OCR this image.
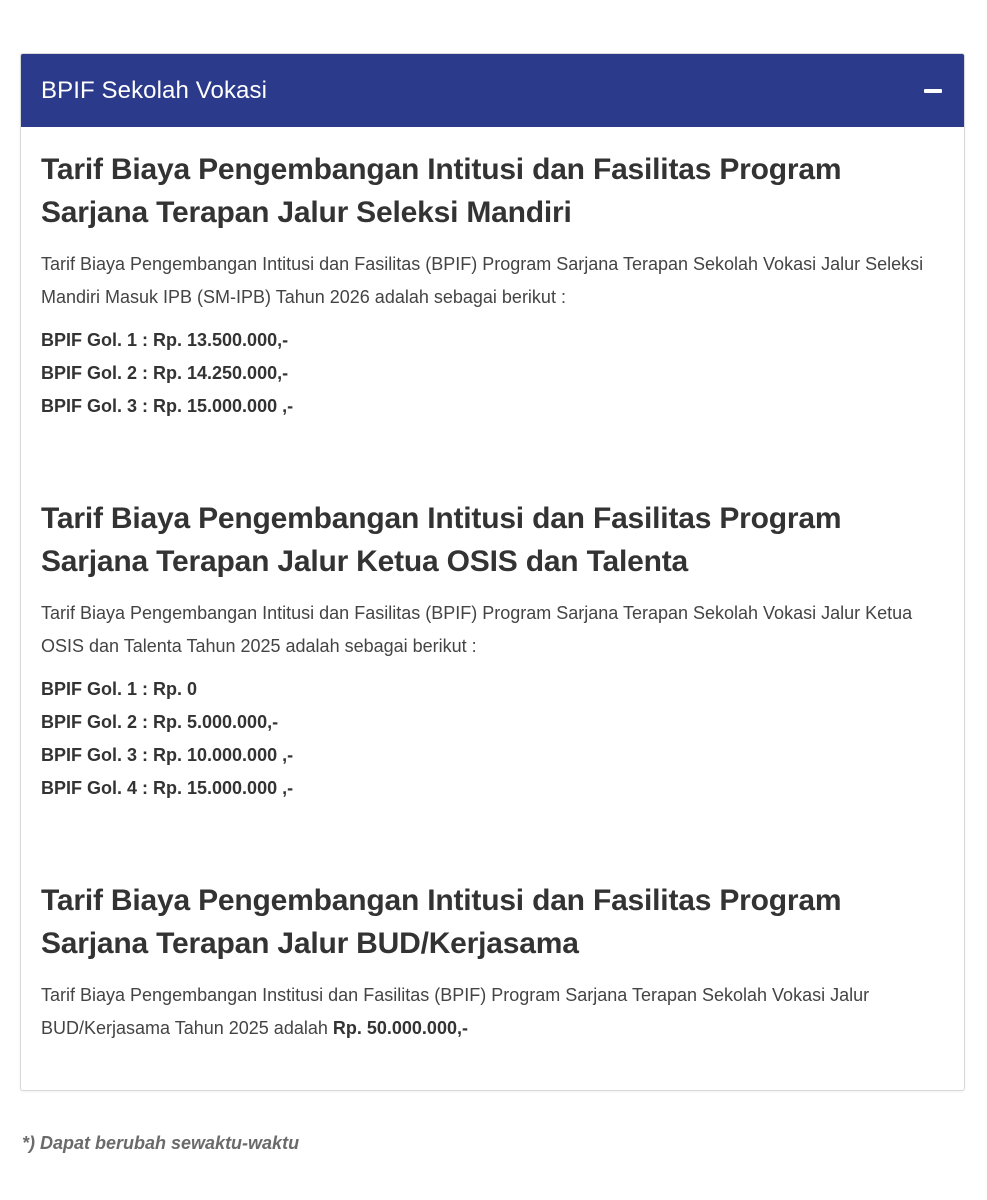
BPIF Sekolah Vokasi
Tarif Biaya Pengembangan Intitusi dan Fasilitas Program Sarjana Terapan Jalur Seleksi Mandiri

Tarif Biaya Pengembangan Intitusi dan Fasilitas (BPIF) Program Sarjana Terapan Sekolah Vokasi Jalur Seleksi Mandiri Masuk IPB (SM-IPB) Tahun 2026 adalah sebagai berikut :

BPIF Gol. 1 : Rp. 13.500.000,-
BPIF Gol. 2 : Rp. 14.250.000,-
BPIF Gol. 3 : Rp. 15.000.000 ,-
Tarif Biaya Pengembangan Intitusi dan Fasilitas Program Sarjana Terapan Jalur Ketua OSIS dan Talenta

Tarif Biaya Pengembangan Intitusi dan Fasilitas (BPIF) Program Sarjana Terapan Sekolah Vokasi Jalur Ketua OSIS dan Talenta Tahun 2025 adalah sebagai berikut :

BPIF Gol. 1 : Rp. 0
BPIF Gol. 2 : Rp. 5.000.000,-
BPIF Gol. 3 : Rp. 10.000.000 ,-
BPIF Gol. 4 : Rp. 15.000.000 ,-
Tarif Biaya Pengembangan Intitusi dan Fasilitas Program Sarjana Terapan Jalur BUD/Kerjasama

Tarif Biaya Pengembangan Institusi dan Fasilitas (BPIF) Program Sarjana Terapan Sekolah Vokasi Jalur BUD/Kerjasama Tahun 2025 adalah Rp. 50.000.000,-

*) Dapat berubah sewaktu-waktu
